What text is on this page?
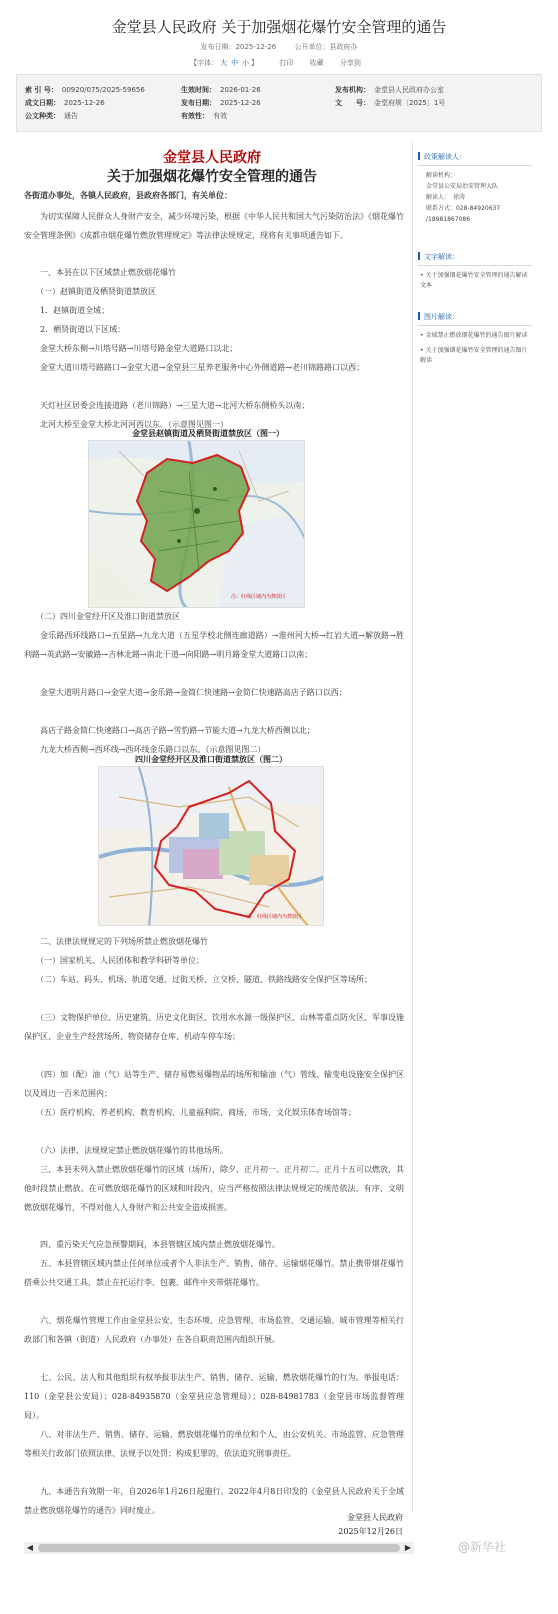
金堂县人民政府 关于加强烟花爆竹安全管理的通告
发布日期：2025-12-26	公开单位：县政府办
【字体： 大 中 小 】	打印 收藏 分享到
索 引 号： 00920/075/2025-59656	生效时间： 2026-01-26	发布机构： 金堂县人民政府办公室
成文日期： 2025-12-26	发布日期： 2025-12-26	文　　号： 金堂府规〔2025〕1号
公文种类： 通告	有效性： 有效
金堂县人民政府
关于加强烟花爆竹安全管理的通告
各街道办事处，各镇人民政府，县政府各部门，有关单位：
　　为切实保障人民群众人身财产安全，减少环境污染，根据《中华人民共和国大气污染防治法》《烟花爆竹安全管理条例》《成都市烟花爆竹燃放管理规定》等法律法规规定，现将有关事项通告如下。
　　一、本县在以下区域禁止燃放烟花爆竹
　　（一）赵镇街道及栖贤街道禁放区
　　1．赵镇街道全域；
　　2．栖贤街道以下区域：
　　金堂大桥东侧→川塔号路→川塔号路金堂大道路口以北；
　　金堂大道川塔号路路口→金堂大道→金堂县三星养老服务中心外侧道路→老川锦路路口以西；
　　天灯社区居委会连接道路（老川锦路）→三星大道→北河大桥东侧桥头以南；
　　北河大桥至金堂大桥北河河西以东。（示意图见图一）
金堂县赵镇街道及栖贤街道禁放区（图一）
注：红线区域内为禁放区
　　（二）四川金堂经开区及淮口街道禁放区
　　金乐路西环线路口→五星路→九龙大道（五星学校北侧连廊道路）→淮州河大桥→红岩大道→解放路→胜利路→英武路→安徽路→吉林北路→南北干道→向阳路→明月路金堂大道路口以南；
　　金堂大道明月路口→金堂大道→金乐路→金简仁快速路→金简仁快速路高店子路口以西；
　　高店子路金简仁快速路口→高店子路→雪豹路→节能大道→九龙大桥西侧以北；
　　九龙大桥西侧→西环线→西环线金乐路口以东。（示意图见图二）
四川金堂经开区及淮口街道禁放区（图二）
注：红线区域内为禁放区
　　二、法律法规规定的下列场所禁止燃放烟花爆竹
　　（一）国家机关、人民团体和教学科研等单位；
　　（二）车站、码头、机场、轨道交通、过街天桥、立交桥、隧道、铁路线路安全保护区等场所；
　　（三）文物保护单位、历史建筑、历史文化街区、饮用水水源一级保护区、山林等重点防火区、军事设施保护区、企业生产经营场所、物资储存仓库、机动车停车场；
　　（四）加（配）油（气）站等生产、储存易燃易爆物品的场所和输油（气）管线、输变电设施安全保护区以及周边一百米范围内；
　　（五）医疗机构、养老机构、教育机构、儿童福利院、商场、市场、文化娱乐体育场馆等；
　　（六）法律、法规规定禁止燃放烟花爆竹的其他场所。
　　三、本县未列入禁止燃放烟花爆竹的区域（场所），除夕、正月初一、正月初二、正月十五可以燃放，其他时段禁止燃放。在可燃放烟花爆竹的区域和时段内，应当严格按照法律法规规定的规范依法、有序、文明燃放烟花爆竹，不得对他人人身财产和公共安全造成损害。
　　四、重污染天气应急预警期间，本县管辖区域内禁止燃放烟花爆竹。
　　五、本县管辖区域内禁止任何单位或者个人非法生产、销售、储存、运输烟花爆竹。禁止携带烟花爆竹搭乘公共交通工具，禁止在托运行李、包裹、邮件中夹带烟花爆竹。
　　六、烟花爆竹管理工作由金堂县公安、生态环境、应急管理、市场监管、交通运输、城市管理等相关行政部门和各镇（街道）人民政府（办事处）在各自职责范围内组织开展。
　　七、公民、法人和其他组织有权举报非法生产、销售、储存、运输、燃放烟花爆竹的行为。举报电话：110（金堂县公安局）；028-84935870（金堂县应急管理局）；028-84981783（金堂县市场监督管理局）。
　　八、对非法生产、销售、储存、运输、燃放烟花爆竹的单位和个人，由公安机关、市场监管、应急管理等相关行政部门依照法律、法规予以处罚；构成犯罪的，依法追究刑事责任。
　　九、本通告有效期一年，自2026年1月26日起施行。2022年4月8日印发的《金堂县人民政府关于全域禁止燃放烟花爆竹的通告》同时废止。
金堂县人民政府
2025年12月26日
政策解读人：
解读机构：
金堂县公安局治安管理大队
解读人：　徐涛
联系方式：028-84920637
/18981867086
文字解读：
• 关于加强烟花爆竹安全管理的通告解读文本
图片解读：
• 金域禁止燃放烟花爆竹的通告图片解读
• 关于加强烟花爆竹安全管理的通告图片解读
◀	▶	@新华社
